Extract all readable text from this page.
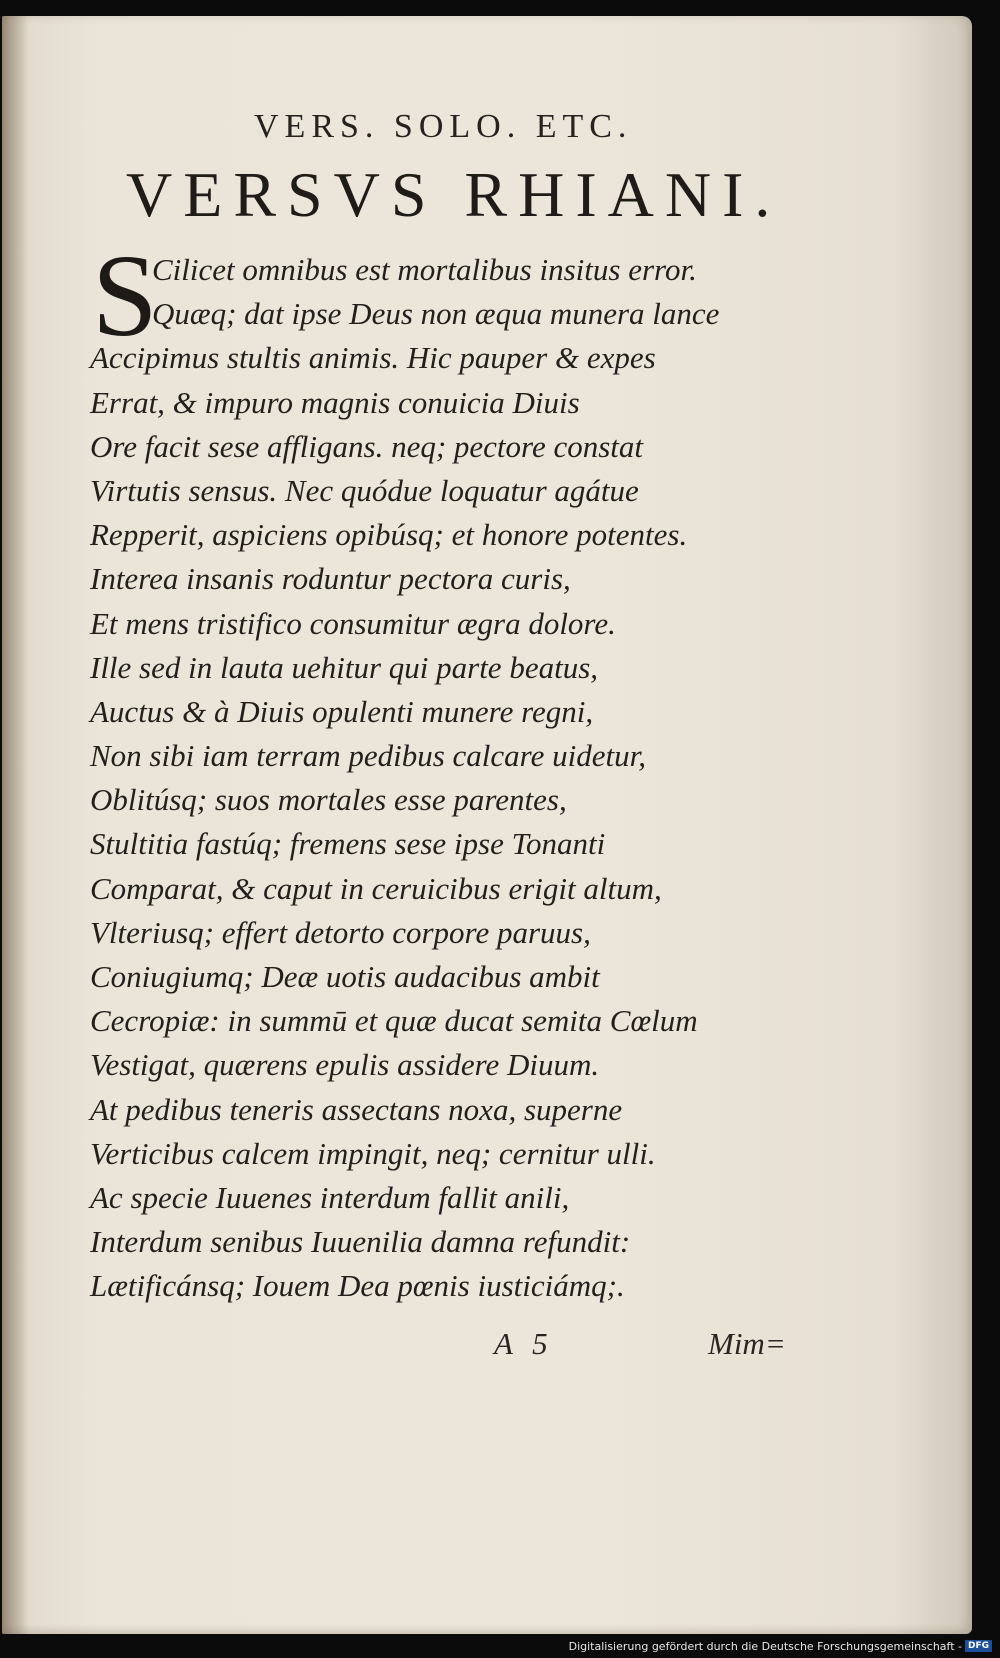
VERS. SOLO. ETC.
VERSVS RHIANI.
S
Cilicet omnibus est mortalibus insitus error.
Quæq; dat ipse Deus non æqua munera lance
Accipimus stultis animis. Hic pauper & expes
Errat, & impuro magnis conuicia Diuis
Ore facit sese affligans. neq; pectore constat
Virtutis sensus. Nec quódue loquatur agátue
Repperit, aspiciens opibúsq; et honore potentes.
Interea insanis roduntur pectora curis,
Et mens tristifico consumitur ægra dolore.
Ille sed in lauta uehitur qui parte beatus,
Auctus & à Diuis opulenti munere regni,
Non sibi iam terram pedibus calcare uidetur,
Oblitúsq; suos mortales esse parentes,
Stultitia fastúq; fremens sese ipse Tonanti
Comparat, & caput in ceruicibus erigit altum,
Vlteriusq; effert detorto corpore paruus,
Coniugiumq; Deæ uotis audacibus ambit
Cecropiæ: in summū et quæ ducat semita Cœlum
Vestigat, quærens epulis assidere Diuum.
At pedibus teneris assectans noxa, superne
Verticibus calcem impingit, neq; cernitur ulli.
Ac specie Iuuenes interdum fallit anili,
Interdum senibus Iuuenilia damna refundit:
Lætificánsq; Iouem Dea pœnis iusticiámq;.
A 5	Mim=
Digitalisierung gefördert durch die Deutsche Forschungsgemeinschaft - DFG
